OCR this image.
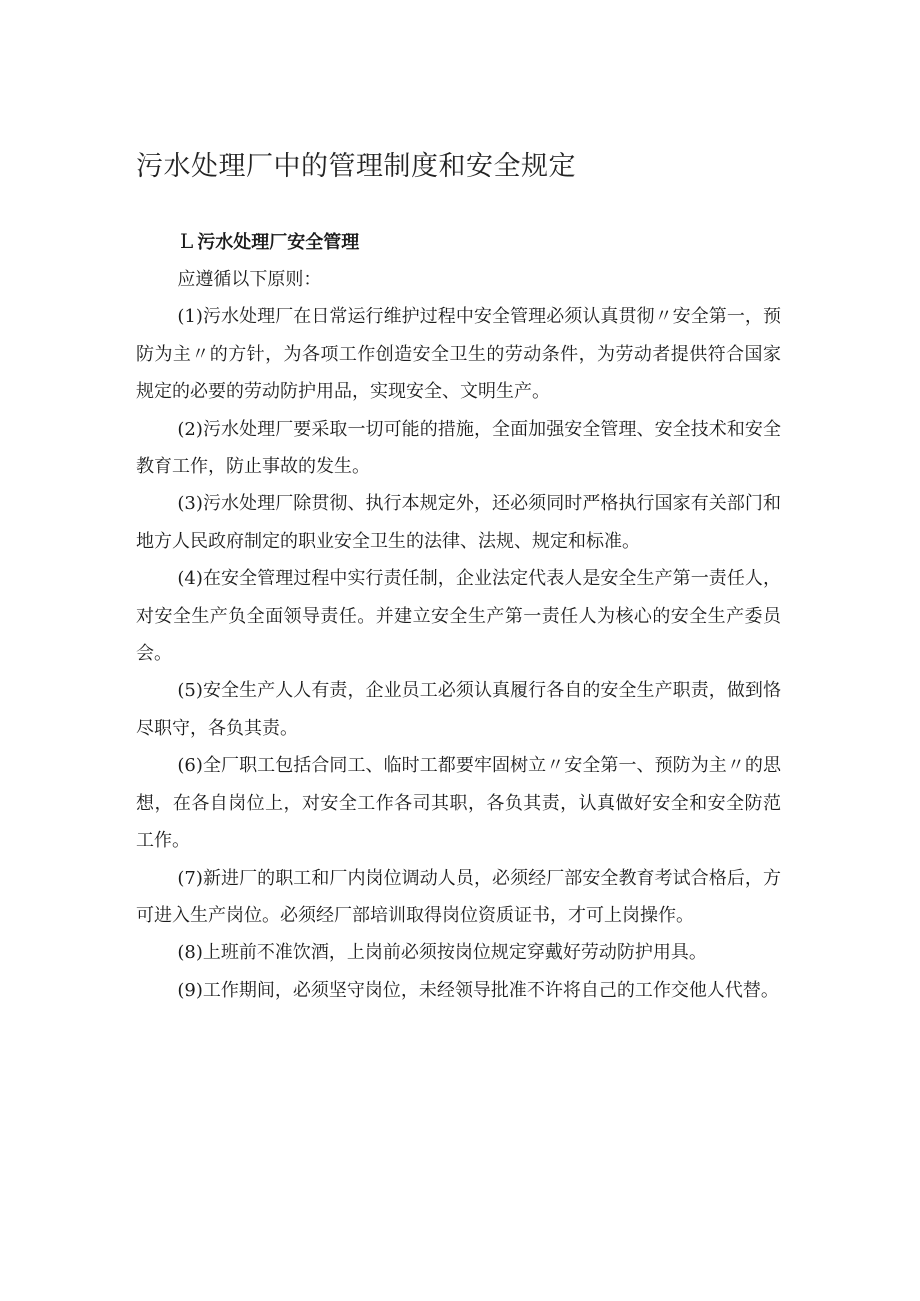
污水处理厂中的管理制度和安全规定
L 污水处理厂安全管理

应遵循以下原则：

(1)污水处理厂在日常运行维护过程中安全管理必须认真贯彻〃安全第一，预防为主〃的方针，为各项工作创造安全卫生的劳动条件，为劳动者提供符合国家规定的必要的劳动防护用品，实现安全、文明生产。

(2)污水处理厂要采取一切可能的措施，全面加强安全管理、安全技术和安全教育工作，防止事故的发生。

(3)污水处理厂除贯彻、执行本规定外，还必须同时严格执行国家有关部门和地方人民政府制定的职业安全卫生的法律、法规、规定和标准。

(4)在安全管理过程中实行责任制，企业法定代表人是安全生产第一责任人，对安全生产负全面领导责任。并建立安全生产第一责任人为核心的安全生产委员会。

(5)安全生产人人有责，企业员工必须认真履行各自的安全生产职责，做到恪尽职守，各负其责。

(6)全厂职工包括合同工、临时工都要牢固树立〃安全第一、预防为主〃的思想，在各自岗位上，对安全工作各司其职，各负其责，认真做好安全和安全防范工作。

(7)新进厂的职工和厂内岗位调动人员，必须经厂部安全教育考试合格后，方可进入生产岗位。必须经厂部培训取得岗位资质证书，才可上岗操作。

(8)上班前不准饮酒，上岗前必须按岗位规定穿戴好劳动防护用具。

(9)工作期间，必须坚守岗位，未经领导批准不许将自己的工作交他人代替。
